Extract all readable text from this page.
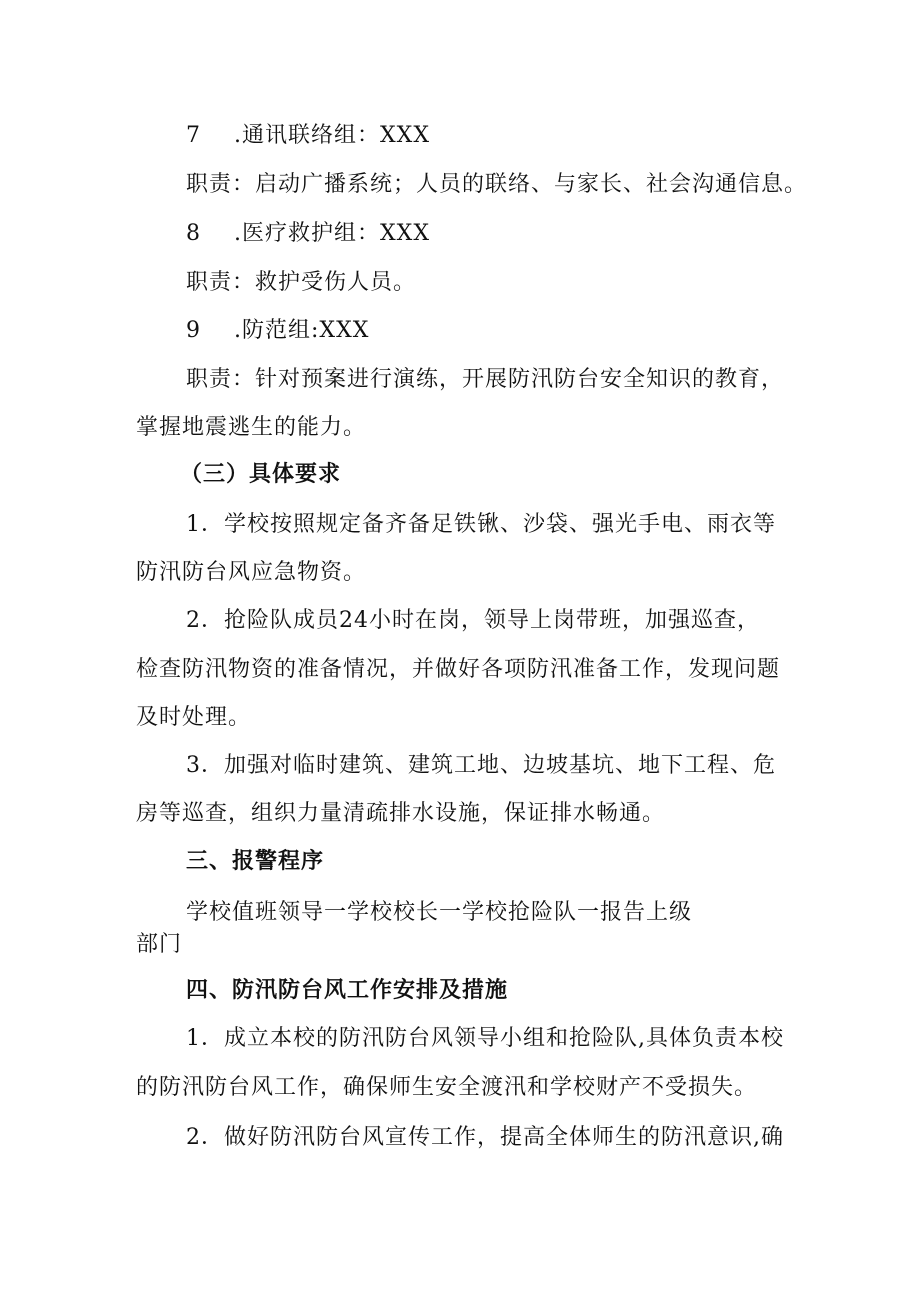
7 .通讯联络组：XXX
职责：启动广播系统；人员的联络、与家长、社会沟通信息。
8 .医疗救护组：XXX
职责：救护受伤人员。
9 .防范组:XXX
职责：针对预案进行演练，开展防汛防台安全知识的教育，
掌握地震逃生的能力。
（三）具体要求
1．学校按照规定备齐备足铁锹、沙袋、强光手电、雨衣等
防汛防台风应急物资。
2．抢险队成员24小时在岗，领导上岗带班，加强巡查，
检查防汛物资的准备情况，并做好各项防汛准备工作，发现问题
及时处理。
3．加强对临时建筑、建筑工地、边坡基坑、地下工程、危
房等巡查，组织力量清疏排水设施，保证排水畅通。
三、报警程序
学校值班领导一学校校长一学校抢险队一报告上级
部门
四、防汛防台风工作安排及措施
1．成立本校的防汛防台风领导小组和抢险队,具体负责本校
的防汛防台风工作，确保师生安全渡汛和学校财产不受损失。
2．做好防汛防台风宣传工作，提高全体师生的防汛意识,确
